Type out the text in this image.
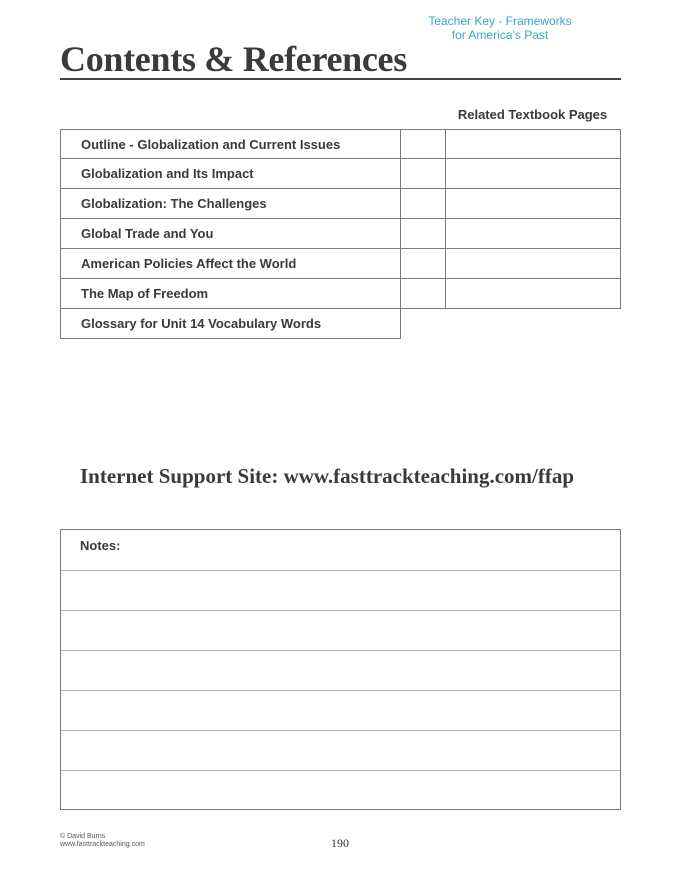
Teacher Key - Frameworks
for America’s Past
Contents & References
Related Textbook Pages
Outline - Globalization and Current Issues
Globalization and Its Impact
Globalization: The Challenges
Global Trade and You
American Policies Affect the World
The Map of Freedom
Glossary for Unit 14 Vocabulary Words
Internet Support Site: www.fasttrackteaching.com/ffap
Notes:
© David Burns
www.fasttrackteaching.com	190
